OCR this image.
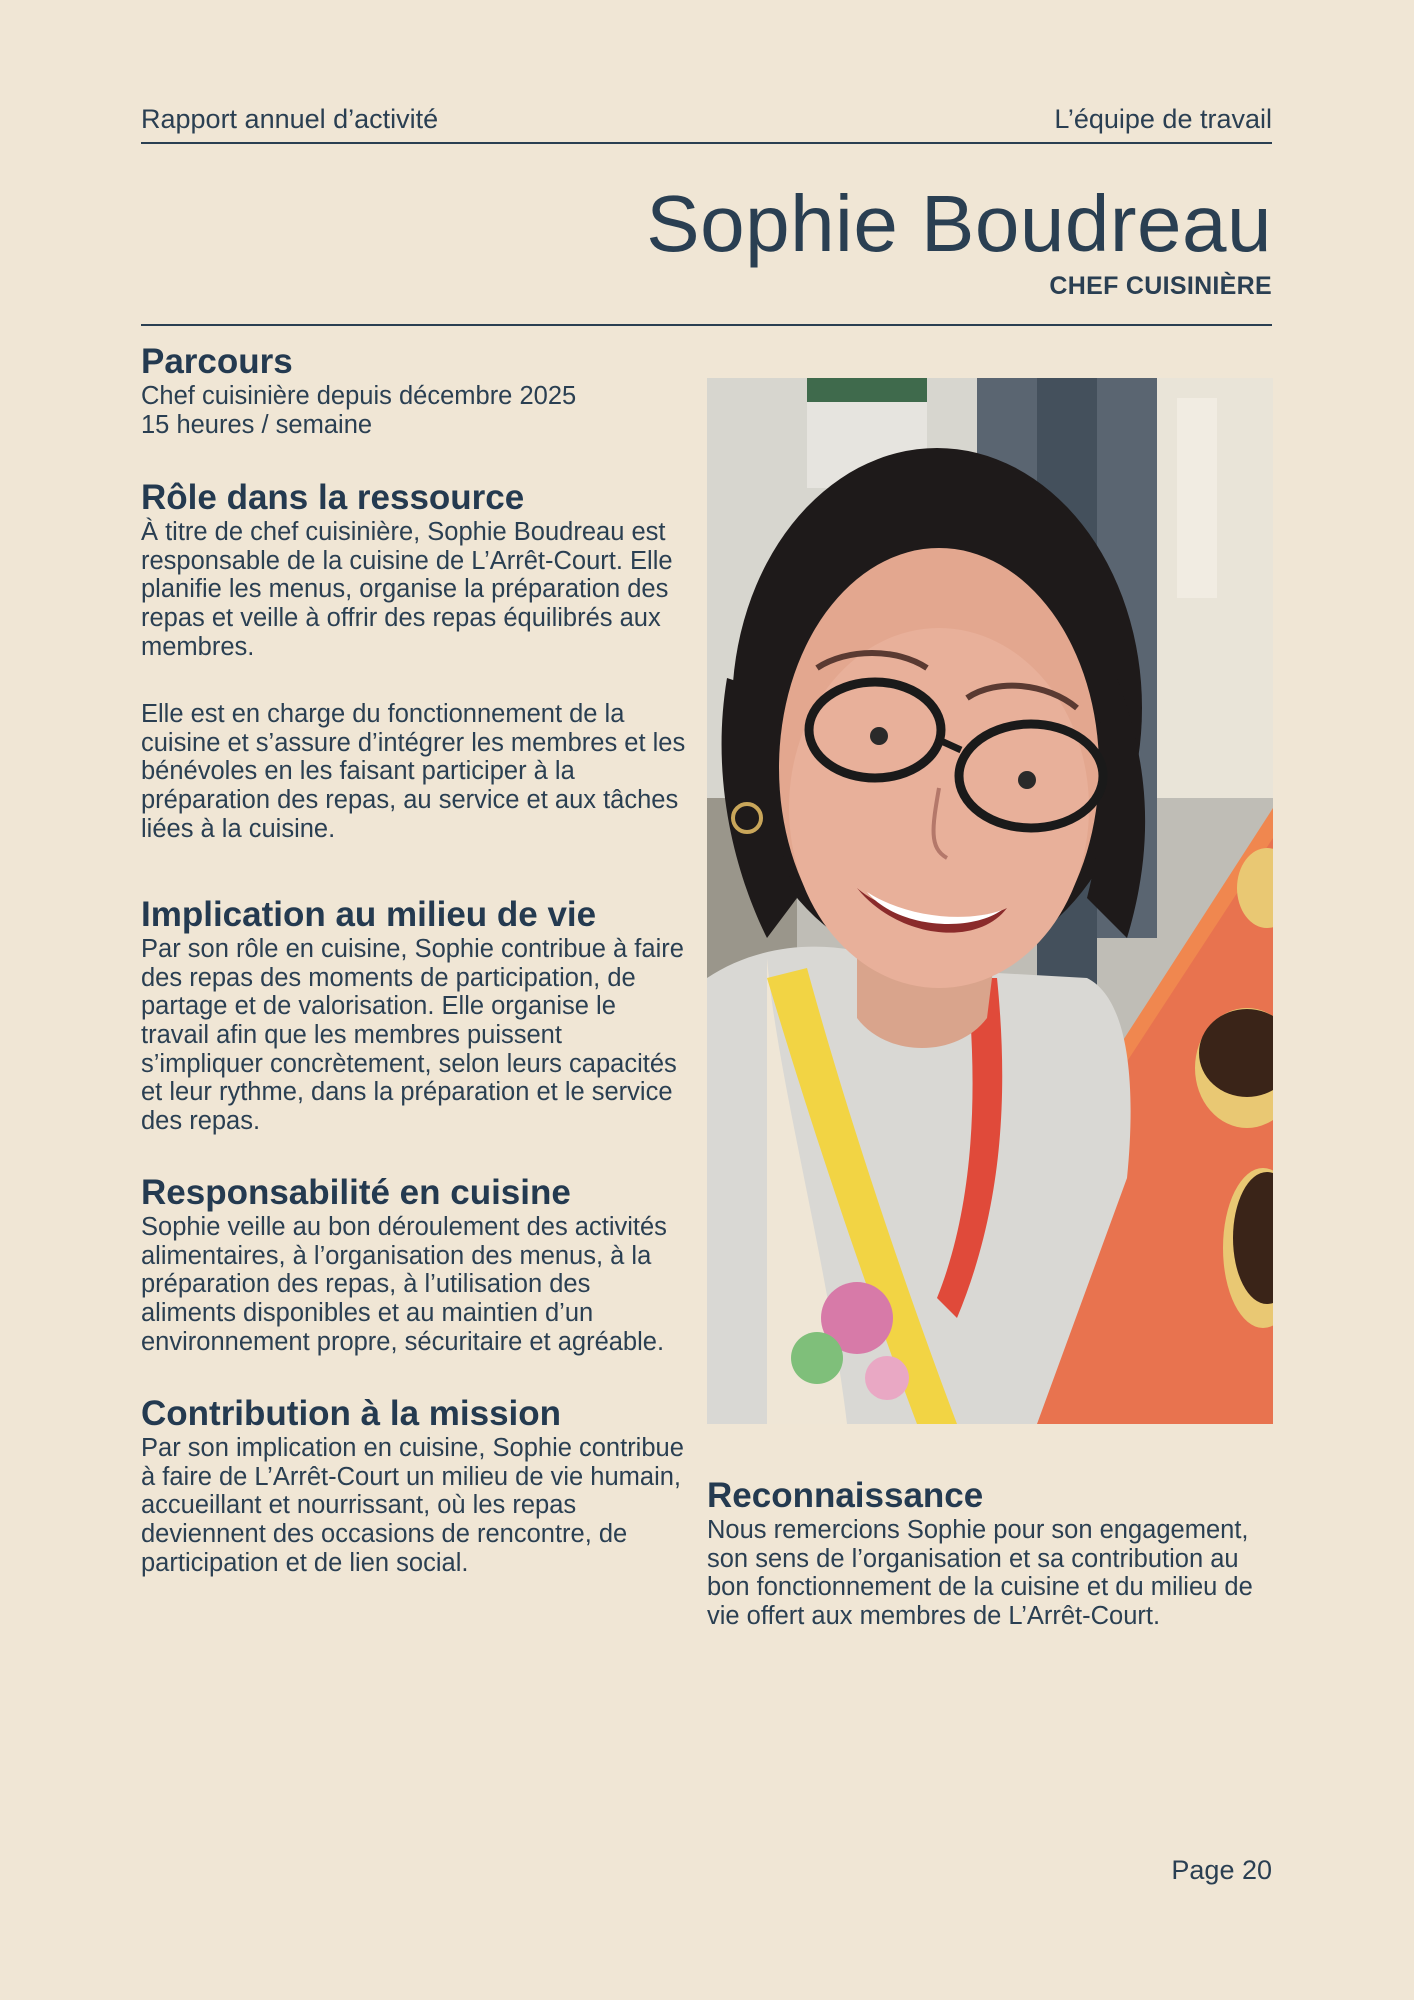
Rapport annuel d’activité	L’équipe de travail
Sophie Boudreau
CHEF CUISINIÈRE
Parcours

Chef cuisinière depuis décembre 2025

15 heures / semaine

Rôle dans la ressource

À titre de chef cuisinière, Sophie Boudreau est responsable de la cuisine de L’Arrêt-Court. Elle planifie les menus, organise la préparation des repas et veille à offrir des repas équilibrés aux membres.

Elle est en charge du fonctionnement de la cuisine et s’assure d’intégrer les membres et les bénévoles en les faisant participer à la préparation des repas, au service et aux tâches liées à la cuisine.

Implication au milieu de vie

Par son rôle en cuisine, Sophie contribue à faire des repas des moments de participation, de partage et de valorisation. Elle organise le travail afin que les membres puissent s’impliquer concrètement, selon leurs capacités et leur rythme, dans la préparation et le service des repas.

Responsabilité en cuisine

Sophie veille au bon déroulement des activités alimentaires, à l’organisation des menus, à la préparation des repas, à l’utilisation des aliments disponibles et au maintien d’un environnement propre, sécuritaire et agréable.

Contribution à la mission

Par son implication en cuisine, Sophie contribue à faire de L’Arrêt-Court un milieu de vie humain, accueillant et nourrissant, où les repas deviennent des occasions de rencontre, de participation et de lien social.

Reconnaissance

Nous remercions Sophie pour son engagement, son sens de l’organisation et sa contribution au bon fonctionnement de la cuisine et du milieu de vie offert aux membres de L’Arrêt-Court.

Page 20
